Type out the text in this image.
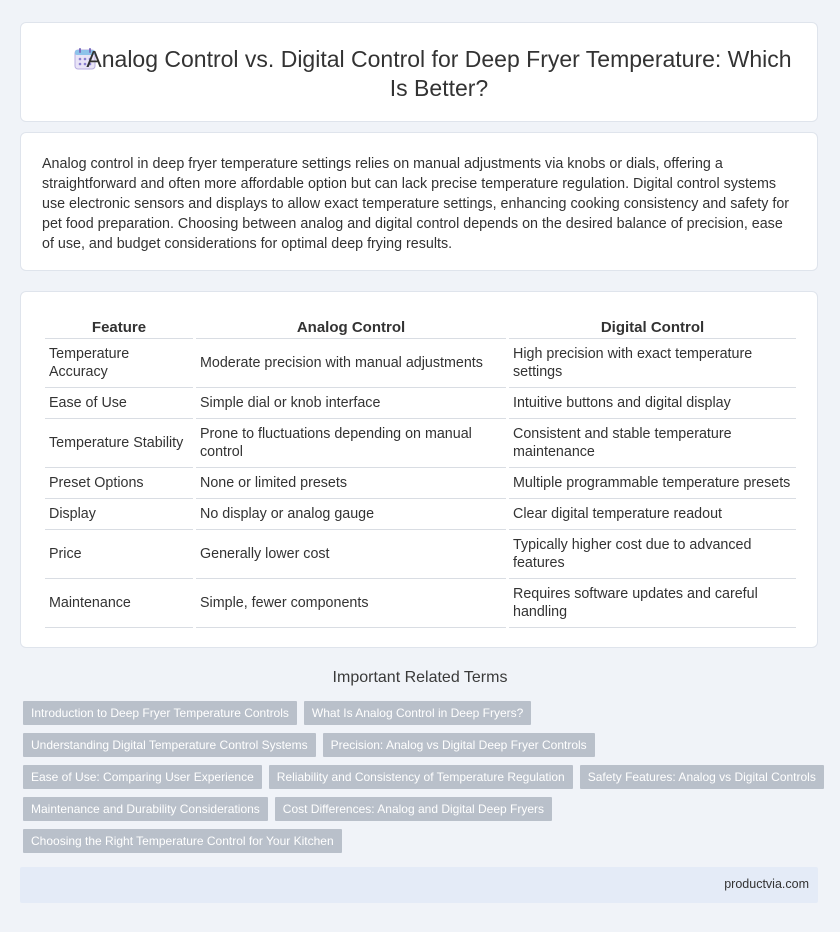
Analog Control vs. Digital Control for Deep Fryer Temperature: Which Is Better?

Analog control in deep fryer temperature settings relies on manual adjustments via knobs or dials, offering a straightforward and often more affordable option but can lack precise temperature regulation. Digital control systems use electronic sensors and displays to allow exact temperature settings, enhancing cooking consistency and safety for pet food preparation. Choosing between analog and digital control depends on the desired balance of precision, ease of use, and budget considerations for optimal deep frying results.

Feature	Analog Control	Digital Control
Temperature Accuracy	Moderate precision with manual adjustments	High precision with exact temperature settings
Ease of Use	Simple dial or knob interface	Intuitive buttons and digital display
Temperature Stability	Prone to fluctuations depending on manual control	Consistent and stable temperature maintenance
Preset Options	None or limited presets	Multiple programmable temperature presets
Display	No display or analog gauge	Clear digital temperature readout
Price	Generally lower cost	Typically higher cost due to advanced features
Maintenance	Simple, fewer components	Requires software updates and careful handling
Important Related Terms
Introduction to Deep Fryer Temperature Controls	What Is Analog Control in Deep Fryers?
Understanding Digital Temperature Control Systems	Precision: Analog vs Digital Deep Fryer Controls
Ease of Use: Comparing User Experience	Reliability and Consistency of Temperature Regulation	Safety Features: Analog vs Digital Controls
Maintenance and Durability Considerations	Cost Differences: Analog and Digital Deep Fryers
Choosing the Right Temperature Control for Your Kitchen
productvia.com
